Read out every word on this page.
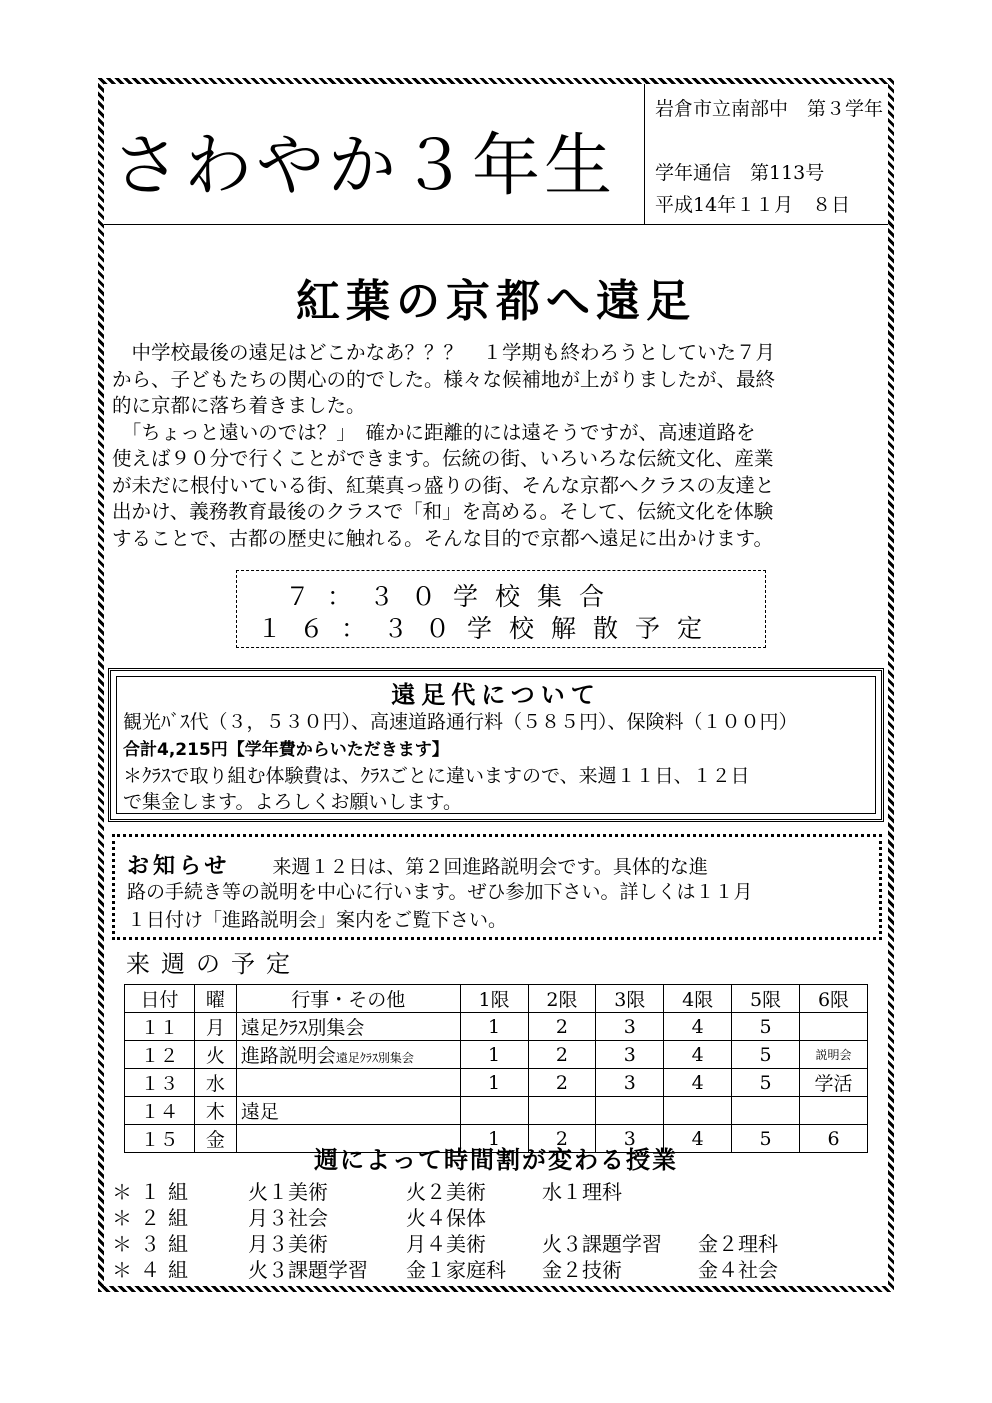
さわやか３年生
岩倉市立南部中　第３学年
学年通信　第113号
平成14年１１月　８日
紅葉の京都へ遠足

　中学校最後の遠足はどこかなあ？？？　１学期も終わろうとしていた７月

から、子どもたちの関心の的でした。様々な候補地が上がりましたが、最終

的に京都に落ち着きました。

　「ちょっと遠いのでは？」　確かに距離的には遠そうですが、高速道路を

使えば９０分で行くことができます。伝統の街、いろいろな伝統文化、産業

が未だに根付いている街、紅葉真っ盛りの街、そんな京都へクラスの友達と

出かけ、義務教育最後のクラスで「和」を高める。そして、伝統文化を体験

することで、古都の歴史に触れる。そんな目的で京都へ遠足に出かけます。

７：３０学校集合
１６：３０学校解散予定
遠足代について
観光ﾊﾞｽ代（３，５３０円）、高速道路通行料（５８５円）、保険料（１００円）
合計4,215円【学年費からいただきます】
＊ｸﾗｽで取り組む体験費は、ｸﾗｽごとに違いますので、来週１１日、１２日
で集金します。よろしくお願いします。
お知らせ 来週１２日は、第２回進路説明会です。具体的な進
路の手続き等の説明を中心に行います。ぜひ参加下さい。詳しくは１１月
１日付け「進路説明会」案内をご覧下さい。
来週の予定
日付	曜	行事・その他	1限	2限	3限	4限	5限	6限
１１	月	遠足ｸﾗｽ別集会	1	2	3	4	5	
１２	火	進路説明会遠足ｸﾗｽ別集会	1	2	3	4	5	説明会
１３	水		1	2	3	4	5	学活
１４	木	遠足						
１５	金		1	2	3	4	5	6
週によって時間割が変わる授業
＊１組	火１美術	火２美術	水１理科
＊２組	月３社会	火４保体
＊３組	月３美術	月４美術	火３課題学習 金２理科
＊４組	火３課題学習 金１家庭科 金２技術	金４社会
